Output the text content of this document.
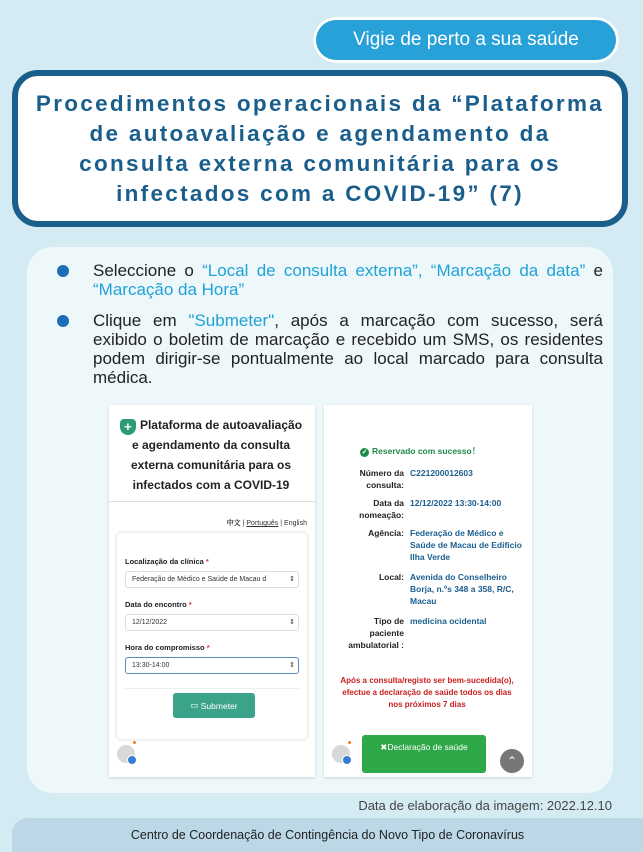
Vigie de perto a sua saúde
Procedimentos operacionais da “Plataforma de autoavaliação e agendamento da consulta externa comunitária para os infectados com a COVID-19” (7)

Seleccione o “Local de consulta externa”, “Marcação da data” e “Marcação da Hora”

Clique em "Submeter", após a marcação com sucesso, será exibido o boletim de marcação e recebido um SMS, os residentes podem dirigir-se pontualmente ao local marcado para consulta médica.

+ Plataforma de autoavaliação e agendamento da consulta externa comunitária para os infectados com a COVID-19
中文 | Português | English
Localização da clínica *
Federação de Médico e Saúde de Macau d ⇕
Data do encontro *
12/12/2022 ⇕
Hora do compromisso *
13:30-14:00 ⇕
▭
Submeter
✓ Reservado com sucesso！
Número da consulta:
C221200012603
Data da nomeação:
12/12/2022 13:30-14:00
Agência: Federação de Médico e Saúde de Macau de Edifício Ilha Verde
Local: Avenida do Conselheiro Borja, n.ºs 348 a 358, R/C, Macau
Tipo de paciente ambulatorial :
medicina ocidental
Após a consulta/registo ser bem-sucedida(o), efectue a declaração de saúde todos os dias nos próximos 7 dias
✖Declaração de saúde
⌃
Data de elaboração da imagem: 2022.12.10
Centro de Coordenação de Contingência do Novo Tipo de Coronavírus
